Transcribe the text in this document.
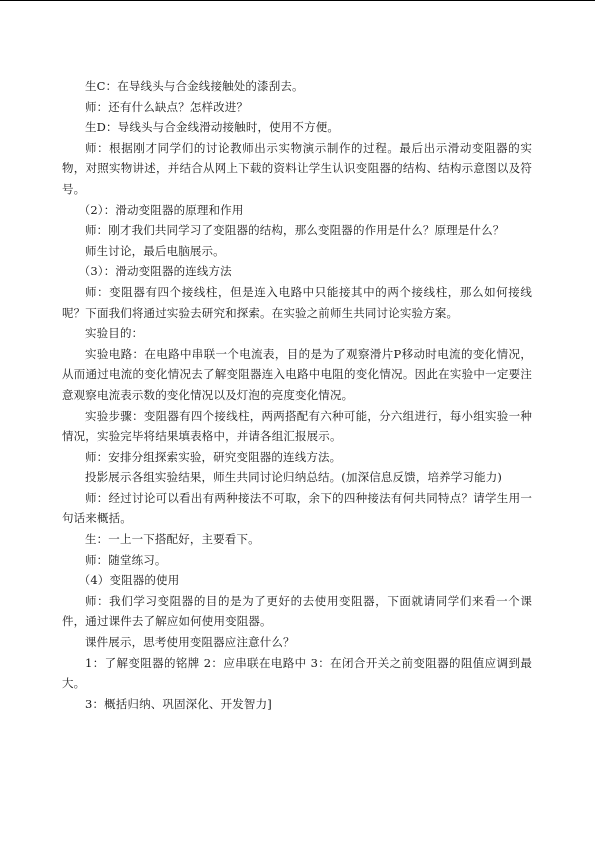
生C：在导线头与合金线接触处的漆刮去。

师：还有什么缺点？怎样改进？

生D：导线头与合金线滑动接触时，使用不方便。

师：根据刚才同学们的讨论教师出示实物演示制作的过程。最后出示滑动变阻器的实物，对照实物讲述，并结合从网上下载的资料让学生认识变阻器的结构、结构示意图以及符号。

（2）：滑动变阻器的原理和作用

师：刚才我们共同学习了变阻器的结构，那么变阻器的作用是什么？原理是什么？

师生讨论，最后电脑展示。

（3）：滑动变阻器的连线方法

师：变阻器有四个接线柱，但是连入电路中只能接其中的两个接线柱，那么如何接线呢？下面我们将通过实验去研究和探索。在实验之前师生共同讨论实验方案。

实验目的：

实验电路：在电路中串联一个电流表，目的是为了观察滑片P移动时电流的变化情况，从而通过电流的变化情况去了解变阻器连入电路中电阻的变化情况。因此在实验中一定要注意观察电流表示数的变化情况以及灯泡的亮度变化情况。

实验步骤：变阻器有四个接线柱，两两搭配有六种可能，分六组进行，每小组实验一种情况，实验完毕将结果填表格中，并请各组汇报展示。

师：安排分组探索实验，研究变阻器的连线方法。

投影展示各组实验结果，师生共同讨论归纳总结。(加深信息反馈，培养学习能力)

师：经过讨论可以看出有两种接法不可取，余下的四种接法有何共同特点？请学生用一句话来概括。

生：一上一下搭配好，主要看下。

师：随堂练习。

（4）变阻器的使用

师：我们学习变阻器的目的是为了更好的去使用变阻器，下面就请同学们来看一个课件，通过课件去了解应如何使用变阻器。

课件展示，思考使用变阻器应注意什么？

1：了解变阻器的铭牌 2：应串联在电路中 3：在闭合开关之前变阻器的阻值应调到最大。

3：概括归纳、巩固深化、开发智力]
